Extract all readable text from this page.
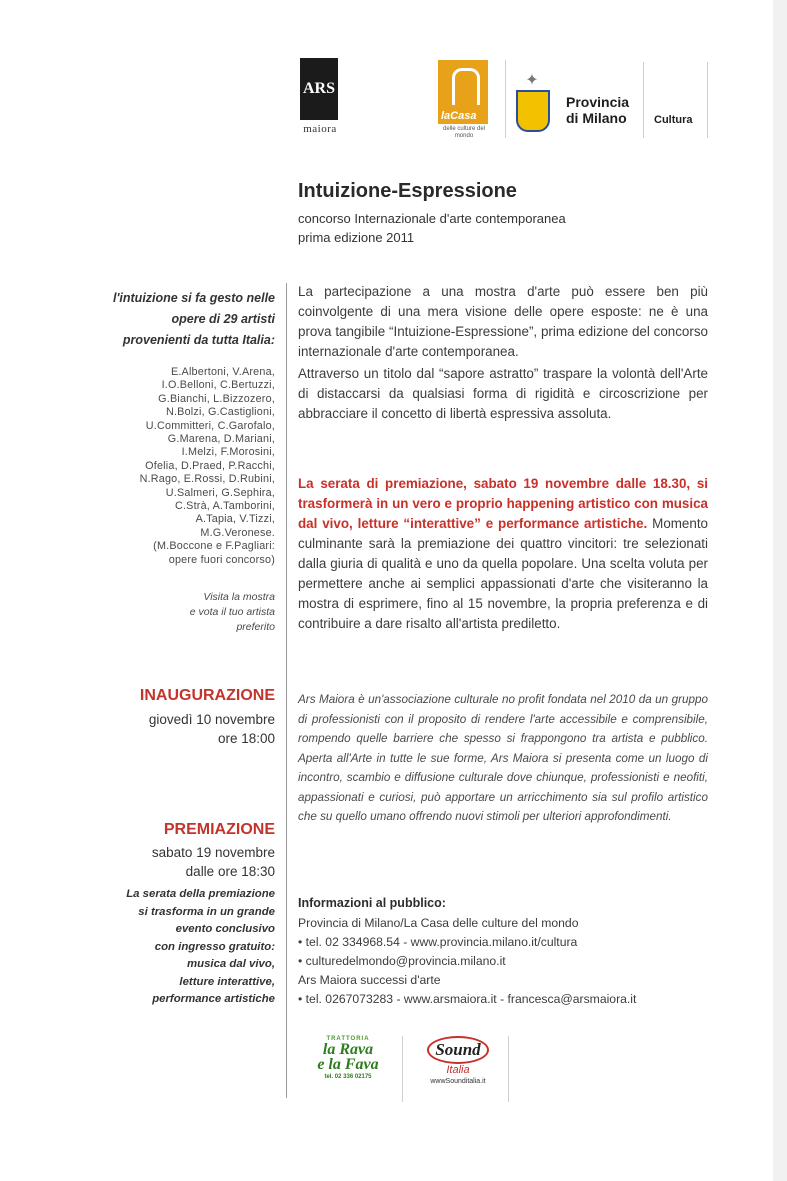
ARS
maiora
laCasa
delle culture del mondo
✦
Provincia
di Milano Cultura
Intuizione-Espressione
concorso Internazionale d'arte contemporanea
prima edizione 2011
l'intuizione si fa gesto nelle
opere di 29 artisti
provenienti da tutta Italia:
E.Albertoni, V.Arena,
I.O.Belloni, C.Bertuzzi,
G.Bianchi, L.Bizzozero,
N.Bolzi, G.Castiglioni,
U.Committeri, C.Garofalo,
G.Marena, D.Mariani,
I.Melzi, F.Morosini,
Ofelia, D.Praed, P.Racchi,
N.Rago, E.Rossi, D.Rubini,
U.Salmeri, G.Sephira,
C.Strà, A.Tamborini,
A.Tapia, V.Tizzi,
M.G.Veronese.
(M.Boccone e F.Pagliari:
opere fuori concorso)
Visita la mostra
e vota il tuo artista
preferito
INAUGURAZIONE
giovedì 10 novembre
ore 18:00
PREMIAZIONE
sabato 19 novembre
dalle ore 18:30
La serata della premiazione
si trasforma in un grande
evento conclusivo
con ingresso gratuito:
musica dal vivo,
letture interattive,
performance artistiche
La partecipazione a una mostra d'arte può essere ben più coinvolgente di una mera visione delle opere esposte: ne è una prova tangibile “Intuizione-Espressione”, prima edizione del concorso internazionale d'arte contemporanea.
Attraverso un titolo dal “sapore astratto” traspare la volontà dell'Arte di distaccarsi da qualsiasi forma di rigidità e circoscrizione per abbracciare il concetto di libertà espressiva assoluta.
La serata di premiazione, sabato 19 novembre dalle 18.30, si trasformerà in un vero e proprio happening artistico con musica dal vivo, letture “interattive” e performance artistiche. Momento culminante sarà la premiazione dei quattro vincitori: tre selezionati dalla giuria di qualità e uno da quella popolare. Una scelta voluta per permettere anche ai semplici appassionati d'arte che visiteranno la mostra di esprimere, fino al 15 novembre, la propria preferenza e di contribuire a dare risalto all'artista prediletto.
Ars Maiora è un'associazione culturale no profit fondata nel 2010 da un gruppo di professionisti con il proposito di rendere l'arte accessibile e comprensibile, rompendo quelle barriere che spesso si frappongono tra artista e pubblico. Aperta all'Arte in tutte le sue forme, Ars Maiora si presenta come un luogo di incontro, scambio e diffusione culturale dove chiunque, professionisti e neofiti, appassionati e curiosi, può apportare un arricchimento sia sul profilo artistico che su quello umano offrendo nuovi stimoli per ulteriori approfondimenti.
Informazioni al pubblico:
Provincia di Milano/La Casa delle culture del mondo
• tel. 02 334968.54 - www.provincia.milano.it/cultura
• culturedelmondo@provincia.milano.it
Ars Maiora successi d'arte
• tel. 0267073283 - www.arsmaiora.it - francesca@arsmaiora.it
TRATTORIA
la Rava
e la Fava
tel. 02 336 02175
Sound
Italia
wwwSounditalia.it
